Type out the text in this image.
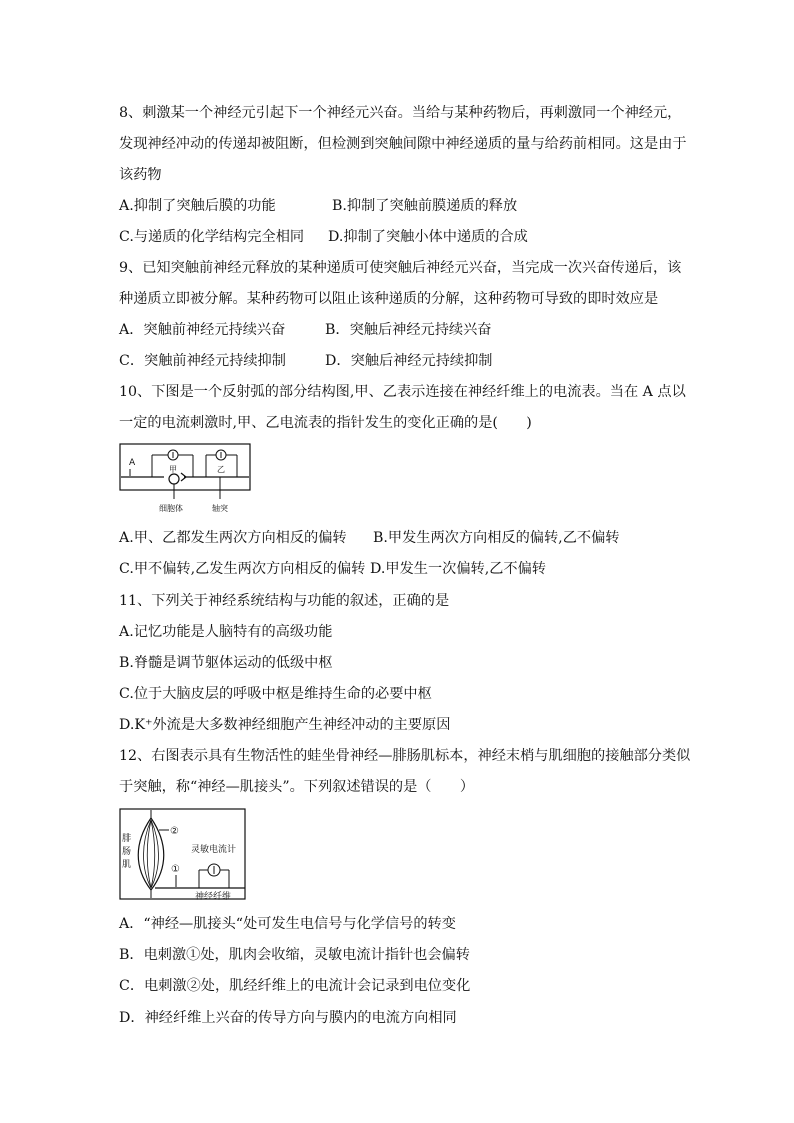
8、刺激某一个神经元引起下一个神经元兴奋。当给与某种药物后，再刺激同一个神经元，
发现神经冲动的传递却被阻断，但检测到突触间隙中神经递质的量与给药前相同。这是由于
该药物
A.抑制了突触后膜的功能	B.抑制了突触前膜递质的释放
C.与递质的化学结构完全相同 D.抑制了突触小体中递质的合成
9、已知突触前神经元释放的某种递质可使突触后神经元兴奋，当完成一次兴奋传递后，该
种递质立即被分解。某种药物可以阻止该种递质的分解，这种药物可导致的即时效应是
A．突触前神经元持续兴奋	B．突触后神经元持续兴奋
C．突触前神经元持续抑制	D．突触后神经元持续抑制
10、下图是一个反射弧的部分结构图,甲、乙表示连接在神经纤维上的电流表。当在 A 点以
一定的电流刺激时,甲、乙电流表的指针发生的变化正确的是(　　)
A
甲	乙
细胞体	轴突
A.甲、乙都发生两次方向相反的偏转 B.甲发生两次方向相反的偏转,乙不偏转
C.甲不偏转,乙发生两次方向相反的偏转 D.甲发生一次偏转,乙不偏转
11、下列关于神经系统结构与功能的叙述，正确的是
A.记忆功能是人脑特有的高级功能
B.脊髓是调节躯体运动的低级中枢
C.位于大脑皮层的呼吸中枢是维持生命的必要中枢
D.K⁺外流是大多数神经细胞产生神经冲动的主要原因
12、右图表示具有生物活性的蛙坐骨神经—腓肠肌标本，神经末梢与肌细胞的接触部分类似
于突触，称“神经—肌接头”。下列叙述错误的是（　　）
腓
肠
肌
②
①
灵敏电流计
神经纤维
A．“神经—肌接头“处可发生电信号与化学信号的转变
B．电刺激①处，肌肉会收缩，灵敏电流计指针也会偏转
C．电刺激②处，肌经纤维上的电流计会记录到电位变化
D．神经纤维上兴奋的传导方向与膜内的电流方向相同
